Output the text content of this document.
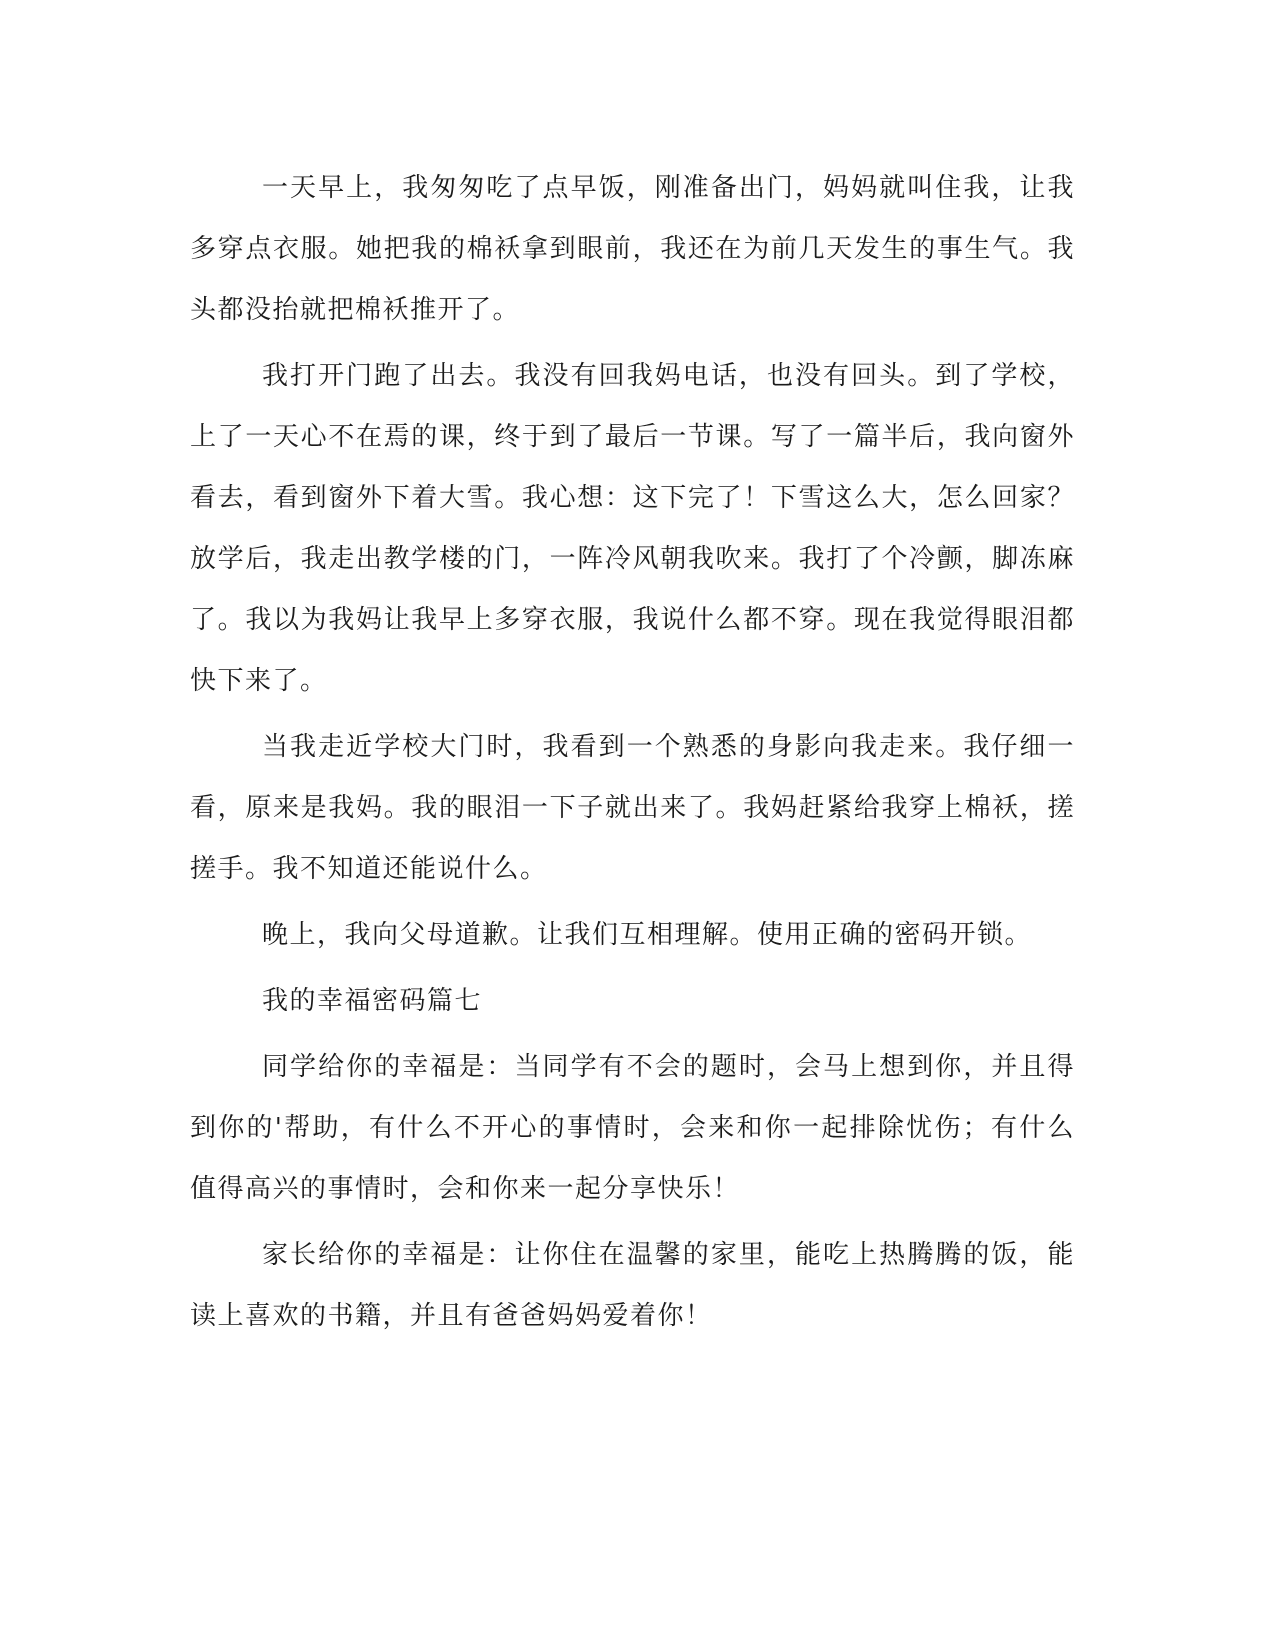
一天早上，我匆匆吃了点早饭，刚准备出门，妈妈就叫住我，让我多穿点衣服。她把我的棉袄拿到眼前，我还在为前几天发生的事生气。我头都没抬就把棉袄推开了。

我打开门跑了出去。我没有回我妈电话，也没有回头。到了学校，上了一天心不在焉的课，终于到了最后一节课。写了一篇半后，我向窗外看去，看到窗外下着大雪。我心想：这下完了！下雪这么大，怎么回家？放学后，我走出教学楼的门，一阵冷风朝我吹来。我打了个冷颤，脚冻麻了。我以为我妈让我早上多穿衣服，我说什么都不穿。现在我觉得眼泪都快下来了。

当我走近学校大门时，我看到一个熟悉的身影向我走来。我仔细一看，原来是我妈。我的眼泪一下子就出来了。我妈赶紧给我穿上棉袄，搓搓手。我不知道还能说什么。

晚上，我向父母道歉。让我们互相理解。使用正确的密码开锁。

我的幸福密码篇七

同学给你的幸福是：当同学有不会的题时，会马上想到你，并且得到你的'帮助，有什么不开心的事情时，会来和你一起排除忧伤；有什么值得高兴的事情时，会和你来一起分享快乐！

家长给你的幸福是：让你住在温馨的家里，能吃上热腾腾的饭，能读上喜欢的书籍，并且有爸爸妈妈爱着你！
